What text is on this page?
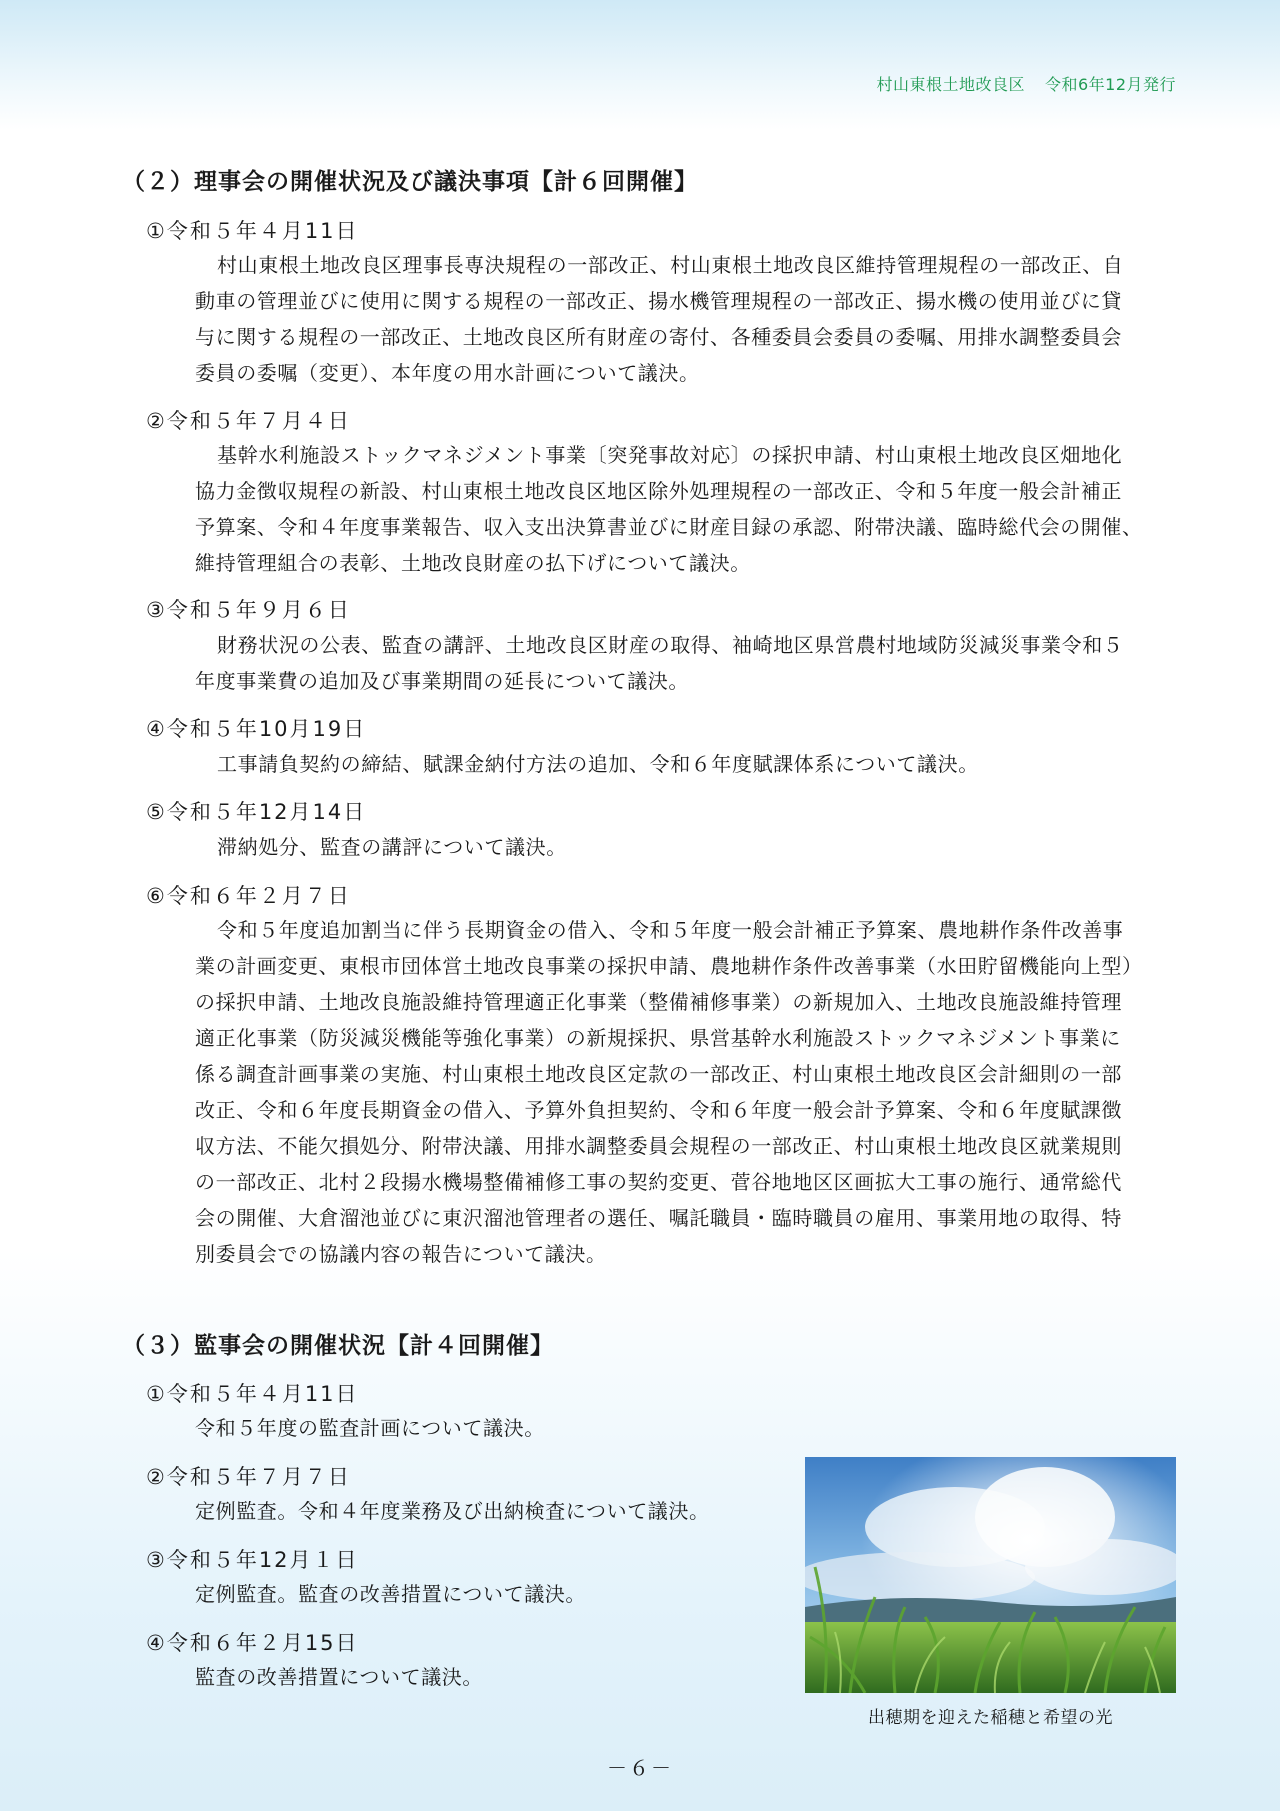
村山東根土地改良区 令和6年12月発行
（２）理事会の開催状況及び議決事項【計６回開催】
①令和５年４月11日
村山東根土地改良区理事長専決規程の一部改正、村山東根土地改良区維持管理規程の一部改正、自
動車の管理並びに使用に関する規程の一部改正、揚水機管理規程の一部改正、揚水機の使用並びに貸
与に関する規程の一部改正、土地改良区所有財産の寄付、各種委員会委員の委嘱、用排水調整委員会
委員の委嘱（変更）、本年度の用水計画について議決。
②令和５年７月４日
基幹水利施設ストックマネジメント事業〔突発事故対応〕の採択申請、村山東根土地改良区畑地化
協力金徴収規程の新設、村山東根土地改良区地区除外処理規程の一部改正、令和５年度一般会計補正
予算案、令和４年度事業報告、収入支出決算書並びに財産目録の承認、附帯決議、臨時総代会の開催、
維持管理組合の表彰、土地改良財産の払下げについて議決。
③令和５年９月６日
財務状況の公表、監査の講評、土地改良区財産の取得、袖崎地区県営農村地域防災減災事業令和５
年度事業費の追加及び事業期間の延長について議決。
④令和５年10月19日
工事請負契約の締結、賦課金納付方法の追加、令和６年度賦課体系について議決。
⑤令和５年12月14日
滞納処分、監査の講評について議決。
⑥令和６年２月７日
令和５年度追加割当に伴う長期資金の借入、令和５年度一般会計補正予算案、農地耕作条件改善事
業の計画変更、東根市団体営土地改良事業の採択申請、農地耕作条件改善事業（水田貯留機能向上型）
の採択申請、土地改良施設維持管理適正化事業（整備補修事業）の新規加入、土地改良施設維持管理
適正化事業（防災減災機能等強化事業）の新規採択、県営基幹水利施設ストックマネジメント事業に
係る調査計画事業の実施、村山東根土地改良区定款の一部改正、村山東根土地改良区会計細則の一部
改正、令和６年度長期資金の借入、予算外負担契約、令和６年度一般会計予算案、令和６年度賦課徴
収方法、不能欠損処分、附帯決議、用排水調整委員会規程の一部改正、村山東根土地改良区就業規則
の一部改正、北村２段揚水機場整備補修工事の契約変更、菅谷地地区区画拡大工事の施行、通常総代
会の開催、大倉溜池並びに東沢溜池管理者の選任、嘱託職員・臨時職員の雇用、事業用地の取得、特
別委員会での協議内容の報告について議決。
（３）監事会の開催状況【計４回開催】
①令和５年４月11日
令和５年度の監査計画について議決。
②令和５年７月７日
定例監査。令和４年度業務及び出納検査について議決。
③令和５年12月１日
定例監査。監査の改善措置について議決。
④令和６年２月15日
監査の改善措置について議決。
出穂期を迎えた稲穂と希望の光
－６－
